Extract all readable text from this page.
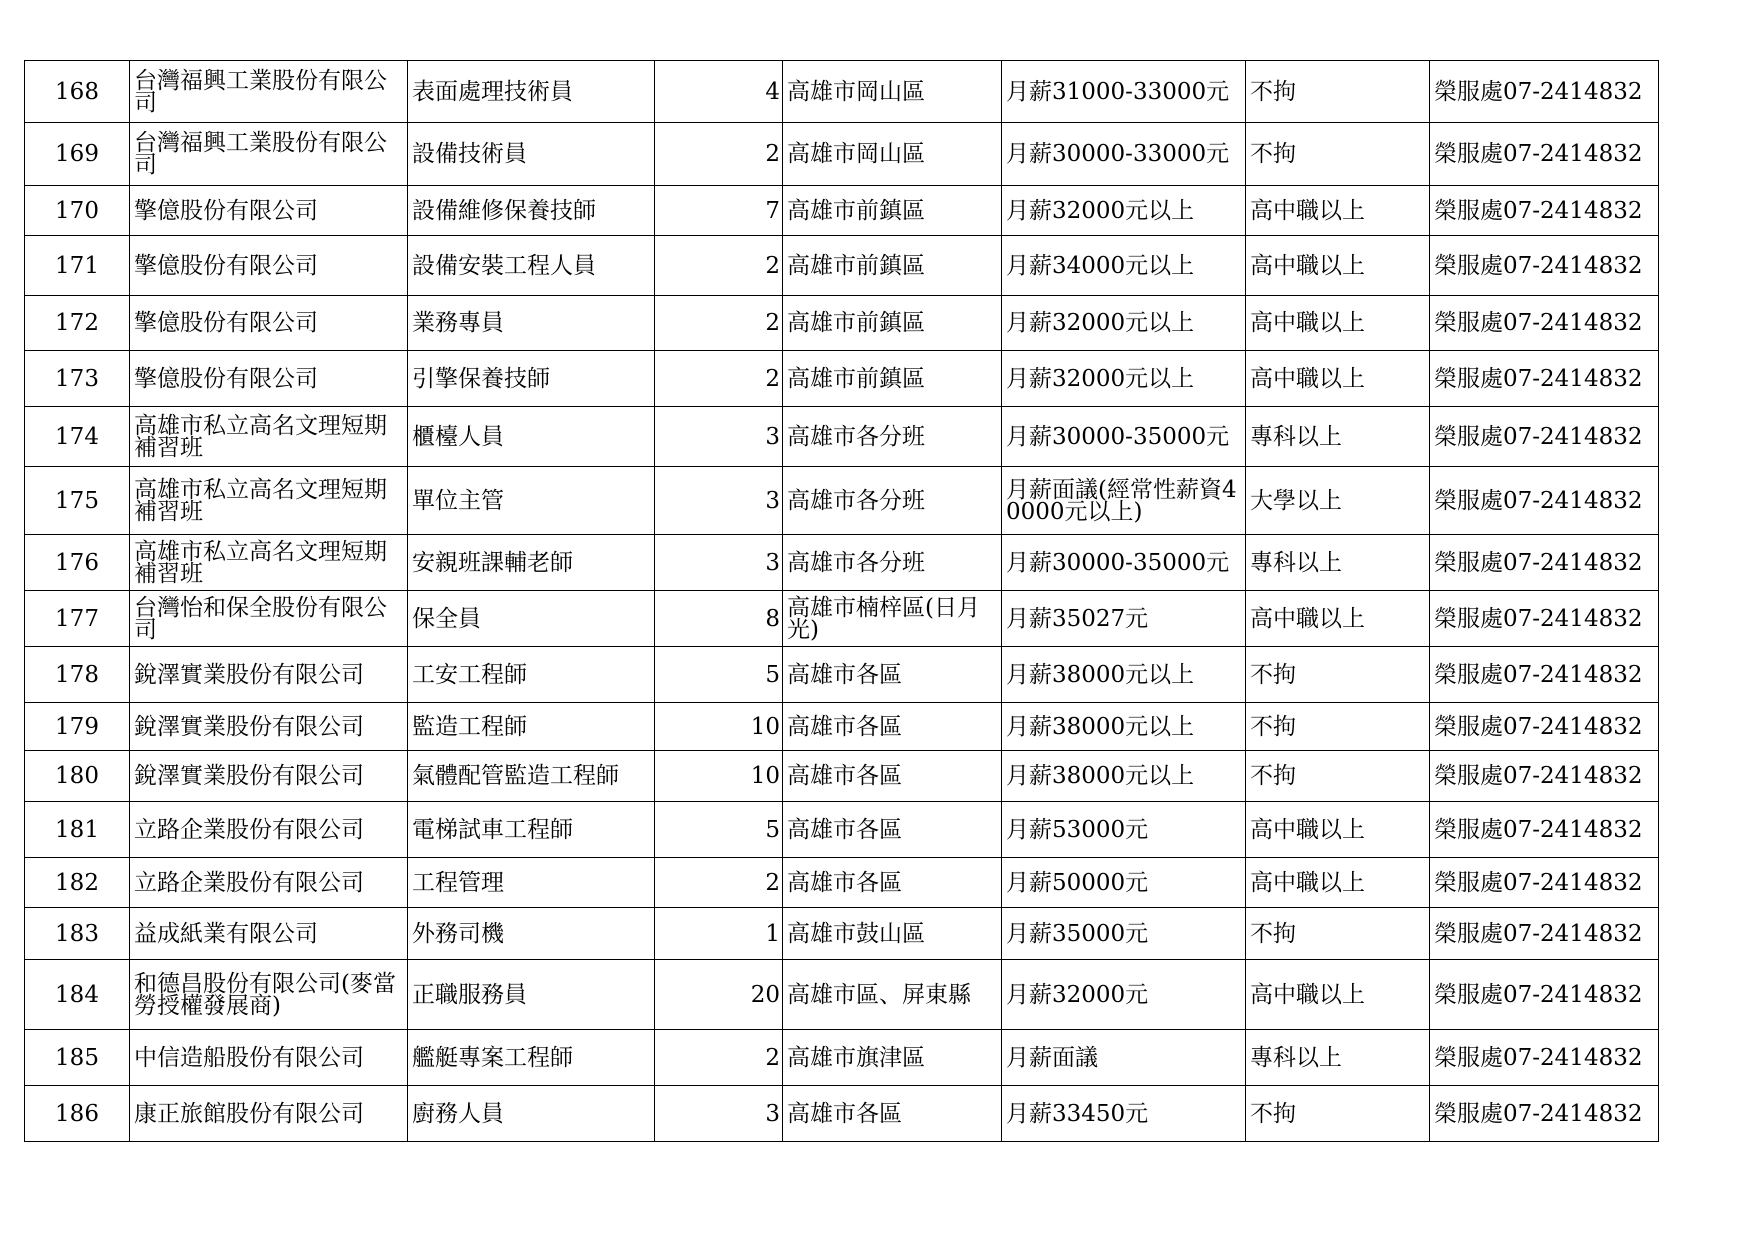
168	台灣福興工業股份有限公司	表面處理技術員	4	高雄市岡山區	月薪31000-33000元	不拘	榮服處07-2414832
169	台灣福興工業股份有限公司	設備技術員	2	高雄市岡山區	月薪30000-33000元	不拘	榮服處07-2414832
170	擎億股份有限公司	設備維修保養技師	7	高雄市前鎮區	月薪32000元以上	高中職以上	榮服處07-2414832
171	擎億股份有限公司	設備安裝工程人員	2	高雄市前鎮區	月薪34000元以上	高中職以上	榮服處07-2414832
172	擎億股份有限公司	業務專員	2	高雄市前鎮區	月薪32000元以上	高中職以上	榮服處07-2414832
173	擎億股份有限公司	引擎保養技師	2	高雄市前鎮區	月薪32000元以上	高中職以上	榮服處07-2414832
174	高雄市私立高名文理短期補習班	櫃檯人員	3	高雄市各分班	月薪30000-35000元	專科以上	榮服處07-2414832
175	高雄市私立高名文理短期補習班	單位主管	3	高雄市各分班	月薪面議(經常性薪資40000元以上)	大學以上	榮服處07-2414832
176	高雄市私立高名文理短期補習班	安親班課輔老師	3	高雄市各分班	月薪30000-35000元	專科以上	榮服處07-2414832
177	台灣怡和保全股份有限公司	保全員	8	高雄市楠梓區(日月光)	月薪35027元	高中職以上	榮服處07-2414832
178	銳澤實業股份有限公司	工安工程師	5	高雄市各區	月薪38000元以上	不拘	榮服處07-2414832
179	銳澤實業股份有限公司	監造工程師	10	高雄市各區	月薪38000元以上	不拘	榮服處07-2414832
180	銳澤實業股份有限公司	氣體配管監造工程師	10	高雄市各區	月薪38000元以上	不拘	榮服處07-2414832
181	立路企業股份有限公司	電梯試車工程師	5	高雄市各區	月薪53000元	高中職以上	榮服處07-2414832
182	立路企業股份有限公司	工程管理	2	高雄市各區	月薪50000元	高中職以上	榮服處07-2414832
183	益成紙業有限公司	外務司機	1	高雄市鼓山區	月薪35000元	不拘	榮服處07-2414832
184	和德昌股份有限公司(麥當勞授權發展商)	正職服務員	20	高雄市區、屏東縣	月薪32000元	高中職以上	榮服處07-2414832
185	中信造船股份有限公司	艦艇專案工程師	2	高雄市旗津區	月薪面議	專科以上	榮服處07-2414832
186	康正旅館股份有限公司	廚務人員	3	高雄市各區	月薪33450元	不拘	榮服處07-2414832
